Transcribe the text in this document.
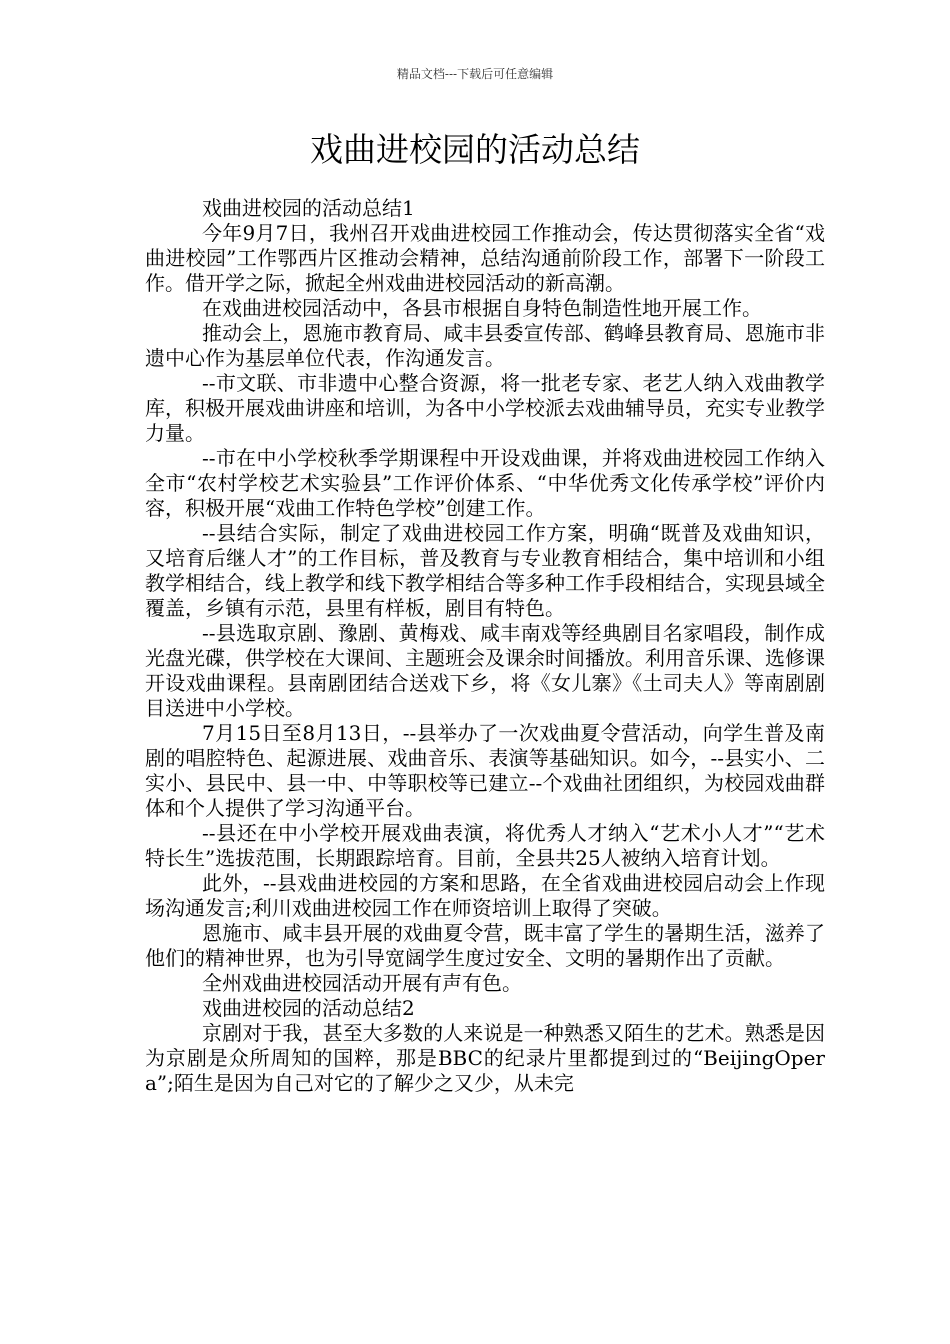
精品文档---下载后可任意编辑
戏曲进校园的活动总结

戏曲进校园的活动总结1

今年9月7日，我州召开戏曲进校园工作推动会，传达贯彻落实全省“戏曲进校园”工作鄂西片区推动会精神，总结沟通前阶段工作，部署下一阶段工作。借开学之际，掀起全州戏曲进校园活动的新高潮。

在戏曲进校园活动中，各县市根据自身特色制造性地开展工作。

推动会上，恩施市教育局、咸丰县委宣传部、鹤峰县教育局、恩施市非遗中心作为基层单位代表，作沟通发言。

--市文联、市非遗中心整合资源，将一批老专家、老艺人纳入戏曲教学库，积极开展戏曲讲座和培训，为各中小学校派去戏曲辅导员，充实专业教学力量。

--市在中小学校秋季学期课程中开设戏曲课，并将戏曲进校园工作纳入全市“农村学校艺术实验县”工作评价体系、“中华优秀文化传承学校”评价内容，积极开展“戏曲工作特色学校”创建工作。

--县结合实际，制定了戏曲进校园工作方案，明确“既普及戏曲知识，又培育后继人才”的工作目标，普及教育与专业教育相结合，集中培训和小组教学相结合，线上教学和线下教学相结合等多种工作手段相结合，实现县域全覆盖，乡镇有示范，县里有样板，剧目有特色。

--县选取京剧、豫剧、黄梅戏、咸丰南戏等经典剧目名家唱段，制作成光盘光碟，供学校在大课间、主题班会及课余时间播放。利用音乐课、选修课开设戏曲课程。县南剧团结合送戏下乡，将《女儿寨》《土司夫人》等南剧剧目送进中小学校。

7月15日至8月13日，--县举办了一次戏曲夏令营活动，向学生普及南剧的唱腔特色、起源进展、戏曲音乐、表演等基础知识。如今，--县实小、二实小、县民中、县一中、中等职校等已建立--个戏曲社团组织，为校园戏曲群体和个人提供了学习沟通平台。

--县还在中小学校开展戏曲表演，将优秀人才纳入“艺术小人才”“艺术特长生”选拔范围，长期跟踪培育。目前，全县共25人被纳入培育计划。

此外，--县戏曲进校园的方案和思路，在全省戏曲进校园启动会上作现场沟通发言;利川戏曲进校园工作在师资培训上取得了突破。

恩施市、咸丰县开展的戏曲夏令营，既丰富了学生的暑期生活，滋养了他们的精神世界，也为引导宽阔学生度过安全、文明的暑期作出了贡献。

全州戏曲进校园活动开展有声有色。

戏曲进校园的活动总结2

京剧对于我，甚至大多数的人来说是一种熟悉又陌生的艺术。熟悉是因为京剧是众所周知的国粹，那是BBC的纪录片里都提到过的“BeijingOpera”;陌生是因为自己对它的了解少之又少，从未完
